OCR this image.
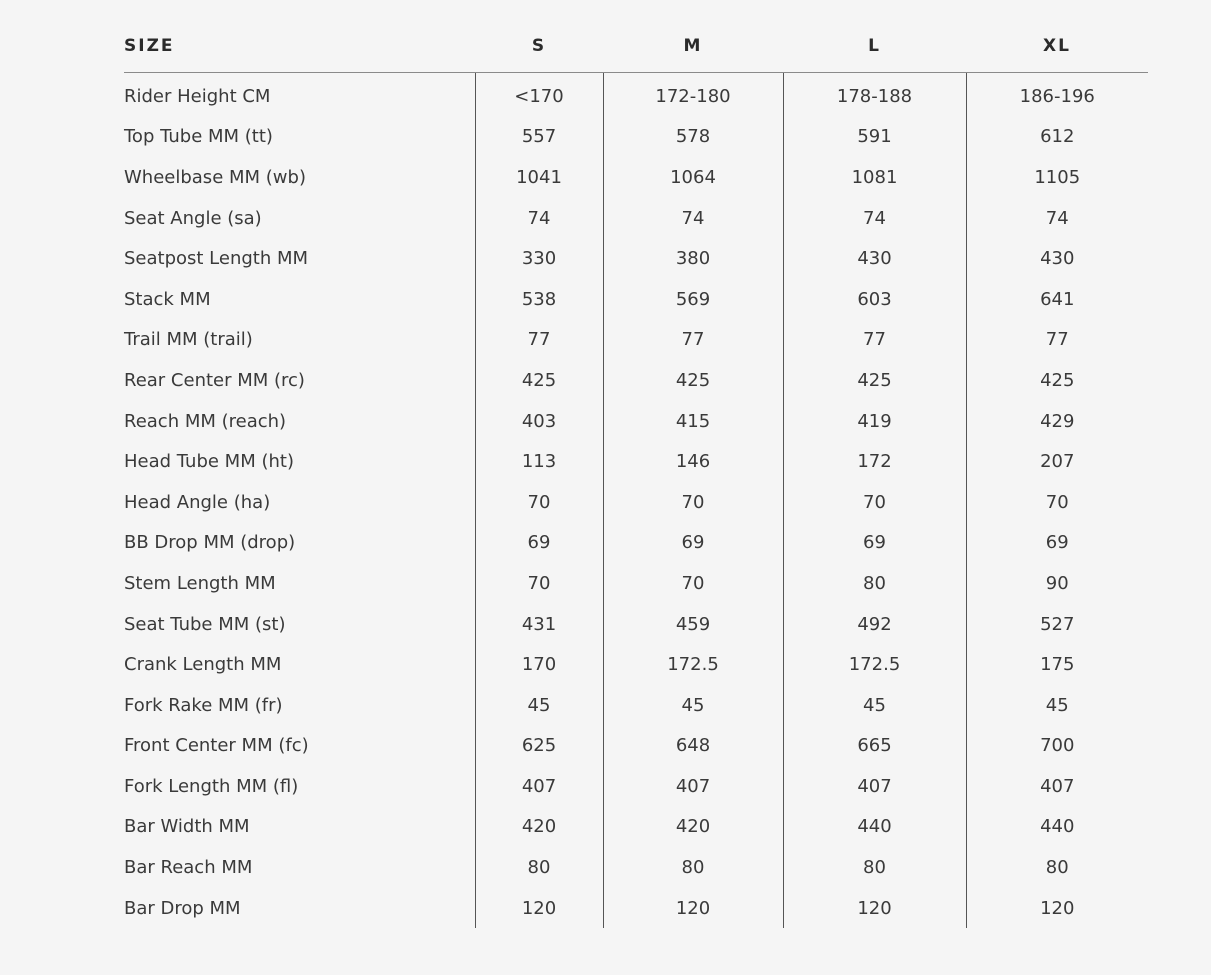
SIZE	S	M	L	XL
Rider Height CM	<170	172-180	178-188	186-196
Top Tube MM (tt)	557	578	591	612
Wheelbase MM (wb)	1041	1064	1081	1105
Seat Angle (sa)	74	74	74	74
Seatpost Length MM	330	380	430	430
Stack MM	538	569	603	641
Trail MM (trail)	77	77	77	77
Rear Center MM (rc)	425	425	425	425
Reach MM (reach)	403	415	419	429
Head Tube MM (ht)	113	146	172	207
Head Angle (ha)	70	70	70	70
BB Drop MM (drop)	69	69	69	69
Stem Length MM	70	70	80	90
Seat Tube MM (st)	431	459	492	527
Crank Length MM	170	172.5	172.5	175
Fork Rake MM (fr)	45	45	45	45
Front Center MM (fc)	625	648	665	700
Fork Length MM (fl)	407	407	407	407
Bar Width MM	420	420	440	440
Bar Reach MM	80	80	80	80
Bar Drop MM	120	120	120	120
